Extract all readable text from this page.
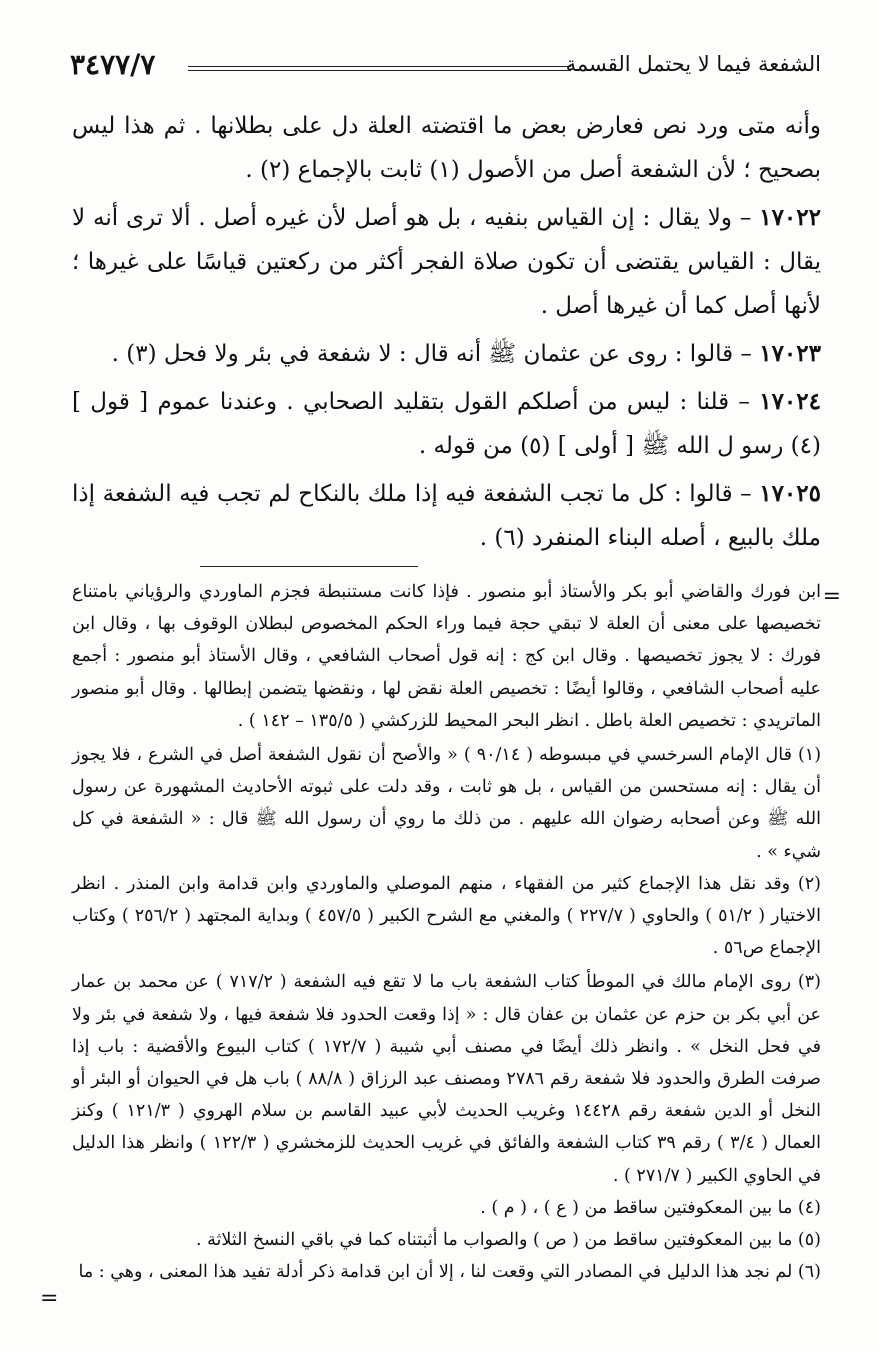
الشفعة فيما لا يحتمل القسمة
٣٤٧٧/٧

وأنه متى ورد نص فعارض بعض ما اقتضته العلة دل على بطلانها . ثم هذا ليس بصحيح ؛ لأن الشفعة أصل من الأصول (١) ثابت بالإجماع (٢) .

١٧٠٢٢ – ولا يقال : إن القياس بنفيه ، بل هو أصل لأن غيره أصل . ألا ترى أنه لا يقال : القياس يقتضى أن تكون صلاة الفجر أكثر من ركعتين قياسًا على غيرها ؛ لأنها أصل كما أن غيرها أصل .

١٧٠٢٣ – قالوا : روى عن عثمان ﷺ أنه قال : لا شفعة في بئر ولا فحل (٣) .

١٧٠٢٤ – قلنا : ليس من أصلكم القول بتقليد الصحابي . وعندنا عموم [ قول ] (٤) رسو ل الله ﷺ [ أولى ] (٥) من قوله .

١٧٠٢٥ – قالوا : كل ما تجب الشفعة فيه إذا ملك بالنكاح لم تجب فيه الشفعة إذا ملك بالبيع ، أصله البناء المنفرد (٦) .

=

ابن فورك والقاضي أبو بكر والأستاذ أبو منصور . فإذا كانت مستنبطة فجزم الماوردي والرؤياني بامتناع تخصيصها على معنى أن العلة لا تبقي حجة فيما وراء الحكم المخصوص لبطلان الوقوف بها ، وقال ابن فورك : لا يجوز تخصيصها . وقال ابن كج : إنه قول أصحاب الشافعي ، وقال الأستاذ أبو منصور : أجمع عليه أصحاب الشافعي ، وقالوا أيضًا : تخصيص العلة نقض لها ، ونقضها يتضمن إبطالها . وقال أبو منصور الماتريدي : تخصيص العلة باطل . انظر البحر المحيط للزركشي ( ١٣٥/٥ – ١٤٢ ) .

(١) قال الإمام السرخسي في مبسوطه ( ٩٠/١٤ ) « والأصح أن نقول الشفعة أصل في الشرع ، فلا يجوز أن يقال : إنه مستحسن من القياس ، بل هو ثابت ، وقد دلت على ثبوته الأحاديث المشهورة عن رسول الله ﷺ وعن أصحابه رضوان الله عليهم . من ذلك ما روي أن رسول الله ﷺ قال : « الشفعة في كل شيء » .

(٢) وقد نقل هذا الإجماع كثير من الفقهاء ، منهم الموصلي والماوردي وابن قدامة وابن المنذر . انظر الاختيار ( ٥١/٢ ) والحاوي ( ٢٢٧/٧ ) والمغني مع الشرح الكبير ( ٤٥٧/٥ ) وبداية المجتهد ( ٢٥٦/٢ ) وكتاب الإجماع ص٥٦ .

(٣) روى الإمام مالك في الموطأ كتاب الشفعة باب ما لا تقع فيه الشفعة ( ٧١٧/٢ ) عن محمد بن عمار عن أبي بكر بن حزم عن عثمان بن عفان قال : « إذا وقعت الحدود فلا شفعة فيها ، ولا شفعة في بئر ولا في فحل النخل » . وانظر ذلك أيضًا في مصنف أبي شيبة ( ١٧٢/٧ ) كتاب البيوع والأقضية : باب إذا صرفت الطرق والحدود فلا شفعة رقم ٢٧٨٦ ومصنف عبد الرزاق ( ٨٨/٨ ) باب هل في الحيوان أو البئر أو النخل أو الدين شفعة رقم ١٤٤٢٨ وغريب الحديث لأبي عبيد القاسم بن سلام الهروي ( ١٢١/٣ ) وكنز العمال ( ٣/٤ ) رقم ٣٩ كتاب الشفعة والفائق في غريب الحديث للزمخشري ( ١٢٢/٣ ) وانظر هذا الدليل في الحاوي الكبير ( ٢٧١/٧ ) .

(٤) ما بين المعكوفتين ساقط من ( ع ) ، ( م ) .

(٥) ما بين المعكوفتين ساقط من ( ص ) والصواب ما أثبتناه كما في باقي النسخ الثلاثة .

(٦) لم نجد هذا الدليل في المصادر التي وقعت لنا ، إلا أن ابن قدامة ذكر أدلة تفيد هذا المعنى ، وهي : ما

=
